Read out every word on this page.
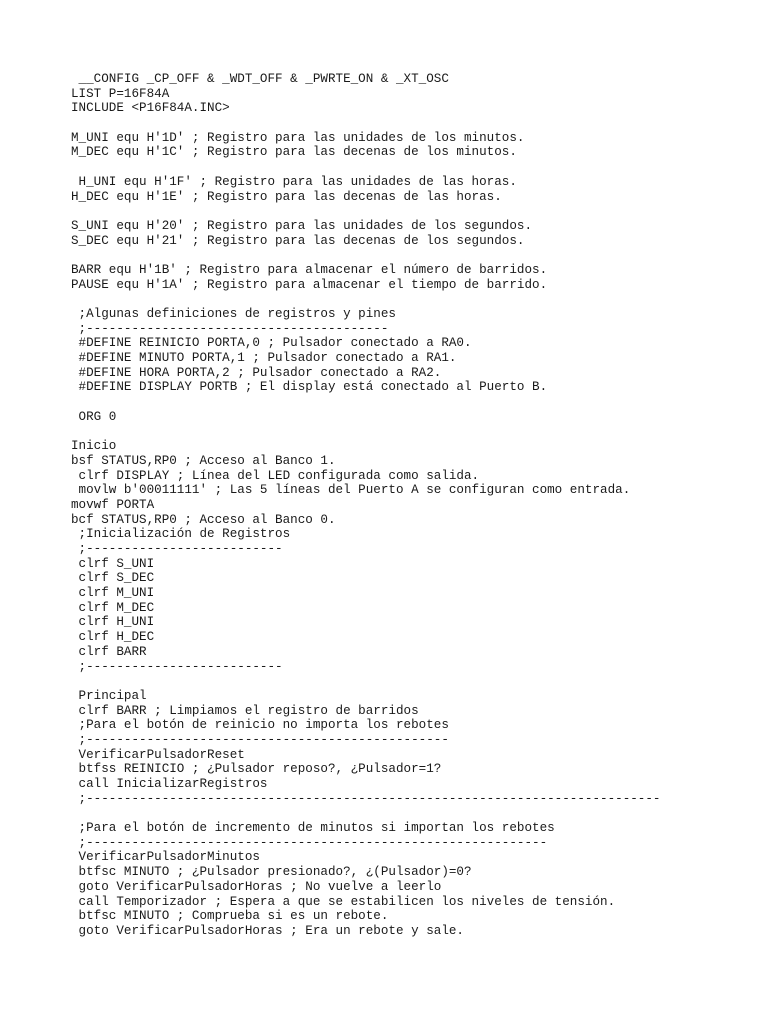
__CONFIG _CP_OFF & _WDT_OFF & _PWRTE_ON & _XT_OSC
LIST P=16F84A
INCLUDE <P16F84A.INC>
M_UNI equ H'1D' ; Registro para las unidades de los minutos.
M_DEC equ H'1C' ; Registro para las decenas de los minutos.
H_UNI equ H'1F' ; Registro para las unidades de las horas.
H_DEC equ H'1E' ; Registro para las decenas de las horas.
S_UNI equ H'20' ; Registro para las unidades de los segundos.
S_DEC equ H'21' ; Registro para las decenas de los segundos.
BARR equ H'1B' ; Registro para almacenar el número de barridos.
PAUSE equ H'1A' ; Registro para almacenar el tiempo de barrido.
;Algunas definiciones de registros y pines
;----------------------------------------
#DEFINE REINICIO PORTA,0 ; Pulsador conectado a RA0.
#DEFINE MINUTO PORTA,1 ; Pulsador conectado a RA1.
#DEFINE HORA PORTA,2 ; Pulsador conectado a RA2.
#DEFINE DISPLAY PORTB ; El display está conectado al Puerto B.
ORG 0
Inicio
bsf STATUS,RP0 ; Acceso al Banco 1.
clrf DISPLAY ; Línea del LED configurada como salida.
movlw b'00011111' ; Las 5 líneas del Puerto A se configuran como entrada.
movwf PORTA
bcf STATUS,RP0 ; Acceso al Banco 0.
;Inicialización de Registros
;--------------------------
clrf S_UNI
clrf S_DEC
clrf M_UNI
clrf M_DEC
clrf H_UNI
clrf H_DEC
clrf BARR
;--------------------------
Principal
clrf BARR ; Limpiamos el registro de barridos
;Para el botón de reinicio no importa los rebotes
;------------------------------------------------
VerificarPulsadorReset
btfss REINICIO ; ¿Pulsador reposo?, ¿Pulsador=1?
call InicializarRegistros
;----------------------------------------------------------------------------
;Para el botón de incremento de minutos si importan los rebotes
;-------------------------------------------------------------
VerificarPulsadorMinutos
btfsc MINUTO ; ¿Pulsador presionado?, ¿(Pulsador)=0?
goto VerificarPulsadorHoras ; No vuelve a leerlo
call Temporizador ; Espera a que se estabilicen los niveles de tensión.
btfsc MINUTO ; Comprueba si es un rebote.
goto VerificarPulsadorHoras ; Era un rebote y sale.
